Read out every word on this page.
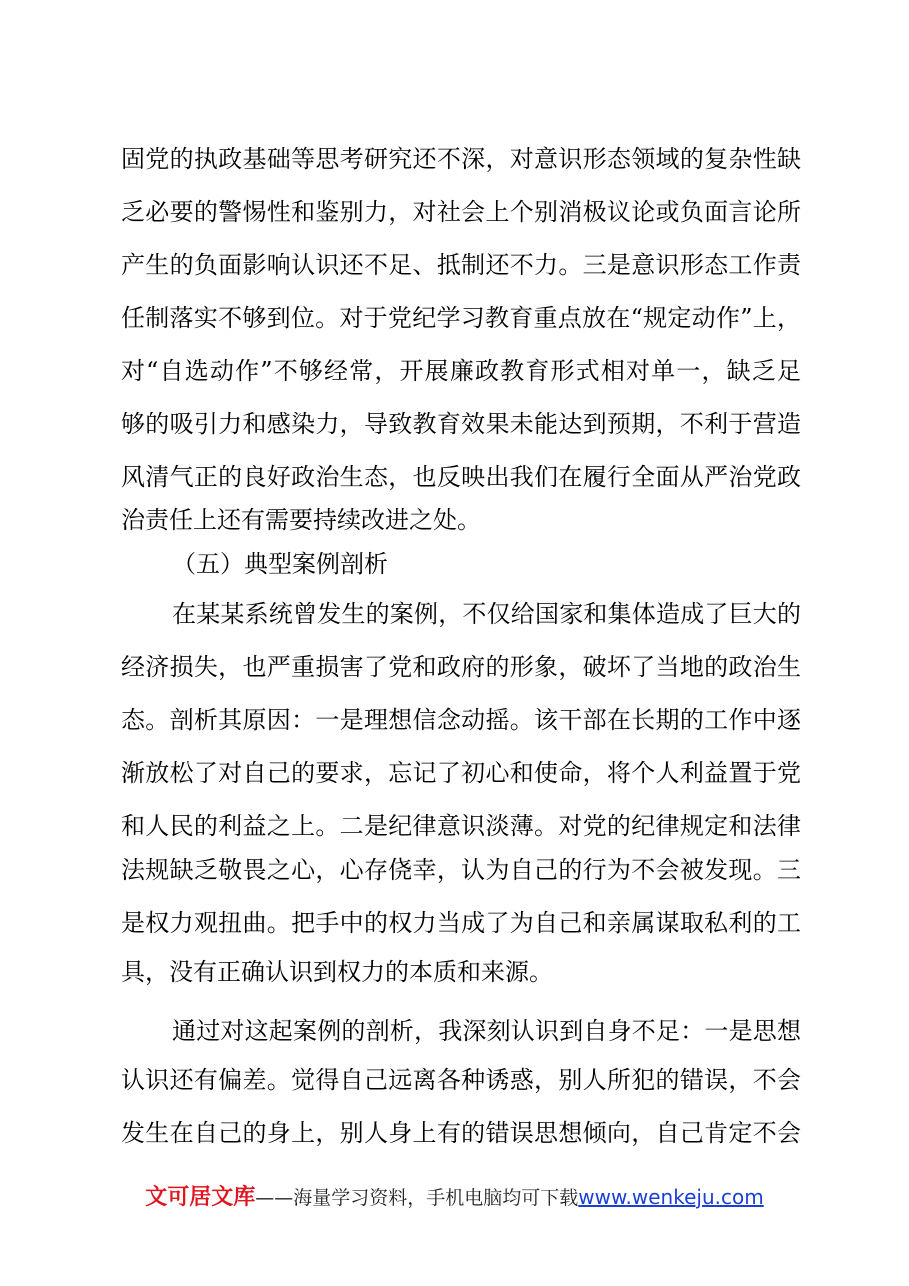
固党的执政基础等思考研究还不深，对意识形态领域的复杂性缺
乏必要的警惕性和鉴别力，对社会上个别消极议论或负面言论所
产生的负面影响认识还不足、抵制还不力。三是意识形态工作责
任制落实不够到位。对于党纪学习教育重点放在“规定动作”上，
对“自选动作”不够经常，开展廉政教育形式相对单一，缺乏足
够的吸引力和感染力，导致教育效果未能达到预期，不利于营造
风清气正的良好政治生态，也反映出我们在履行全面从严治党政
治责任上还有需要持续改进之处。
（五）典型案例剖析
在某某系统曾发生的案例，不仅给国家和集体造成了巨大的
经济损失，也严重损害了党和政府的形象，破坏了当地的政治生
态。剖析其原因：一是理想信念动摇。该干部在长期的工作中逐
渐放松了对自己的要求，忘记了初心和使命，将个人利益置于党
和人民的利益之上。二是纪律意识淡薄。对党的纪律规定和法律
法规缺乏敬畏之心，心存侥幸，认为自己的行为不会被发现。三
是权力观扭曲。把手中的权力当成了为自己和亲属谋取私利的工
具，没有正确认识到权力的本质和来源。
通过对这起案例的剖析，我深刻认识到自身不足：一是思想
认识还有偏差。觉得自己远离各种诱惑，别人所犯的错误，不会
发生在自己的身上，别人身上有的错误思想倾向，自己肯定不会
文可居文库——海量学习资料，手机电脑均可下载www.wenkeju.com
